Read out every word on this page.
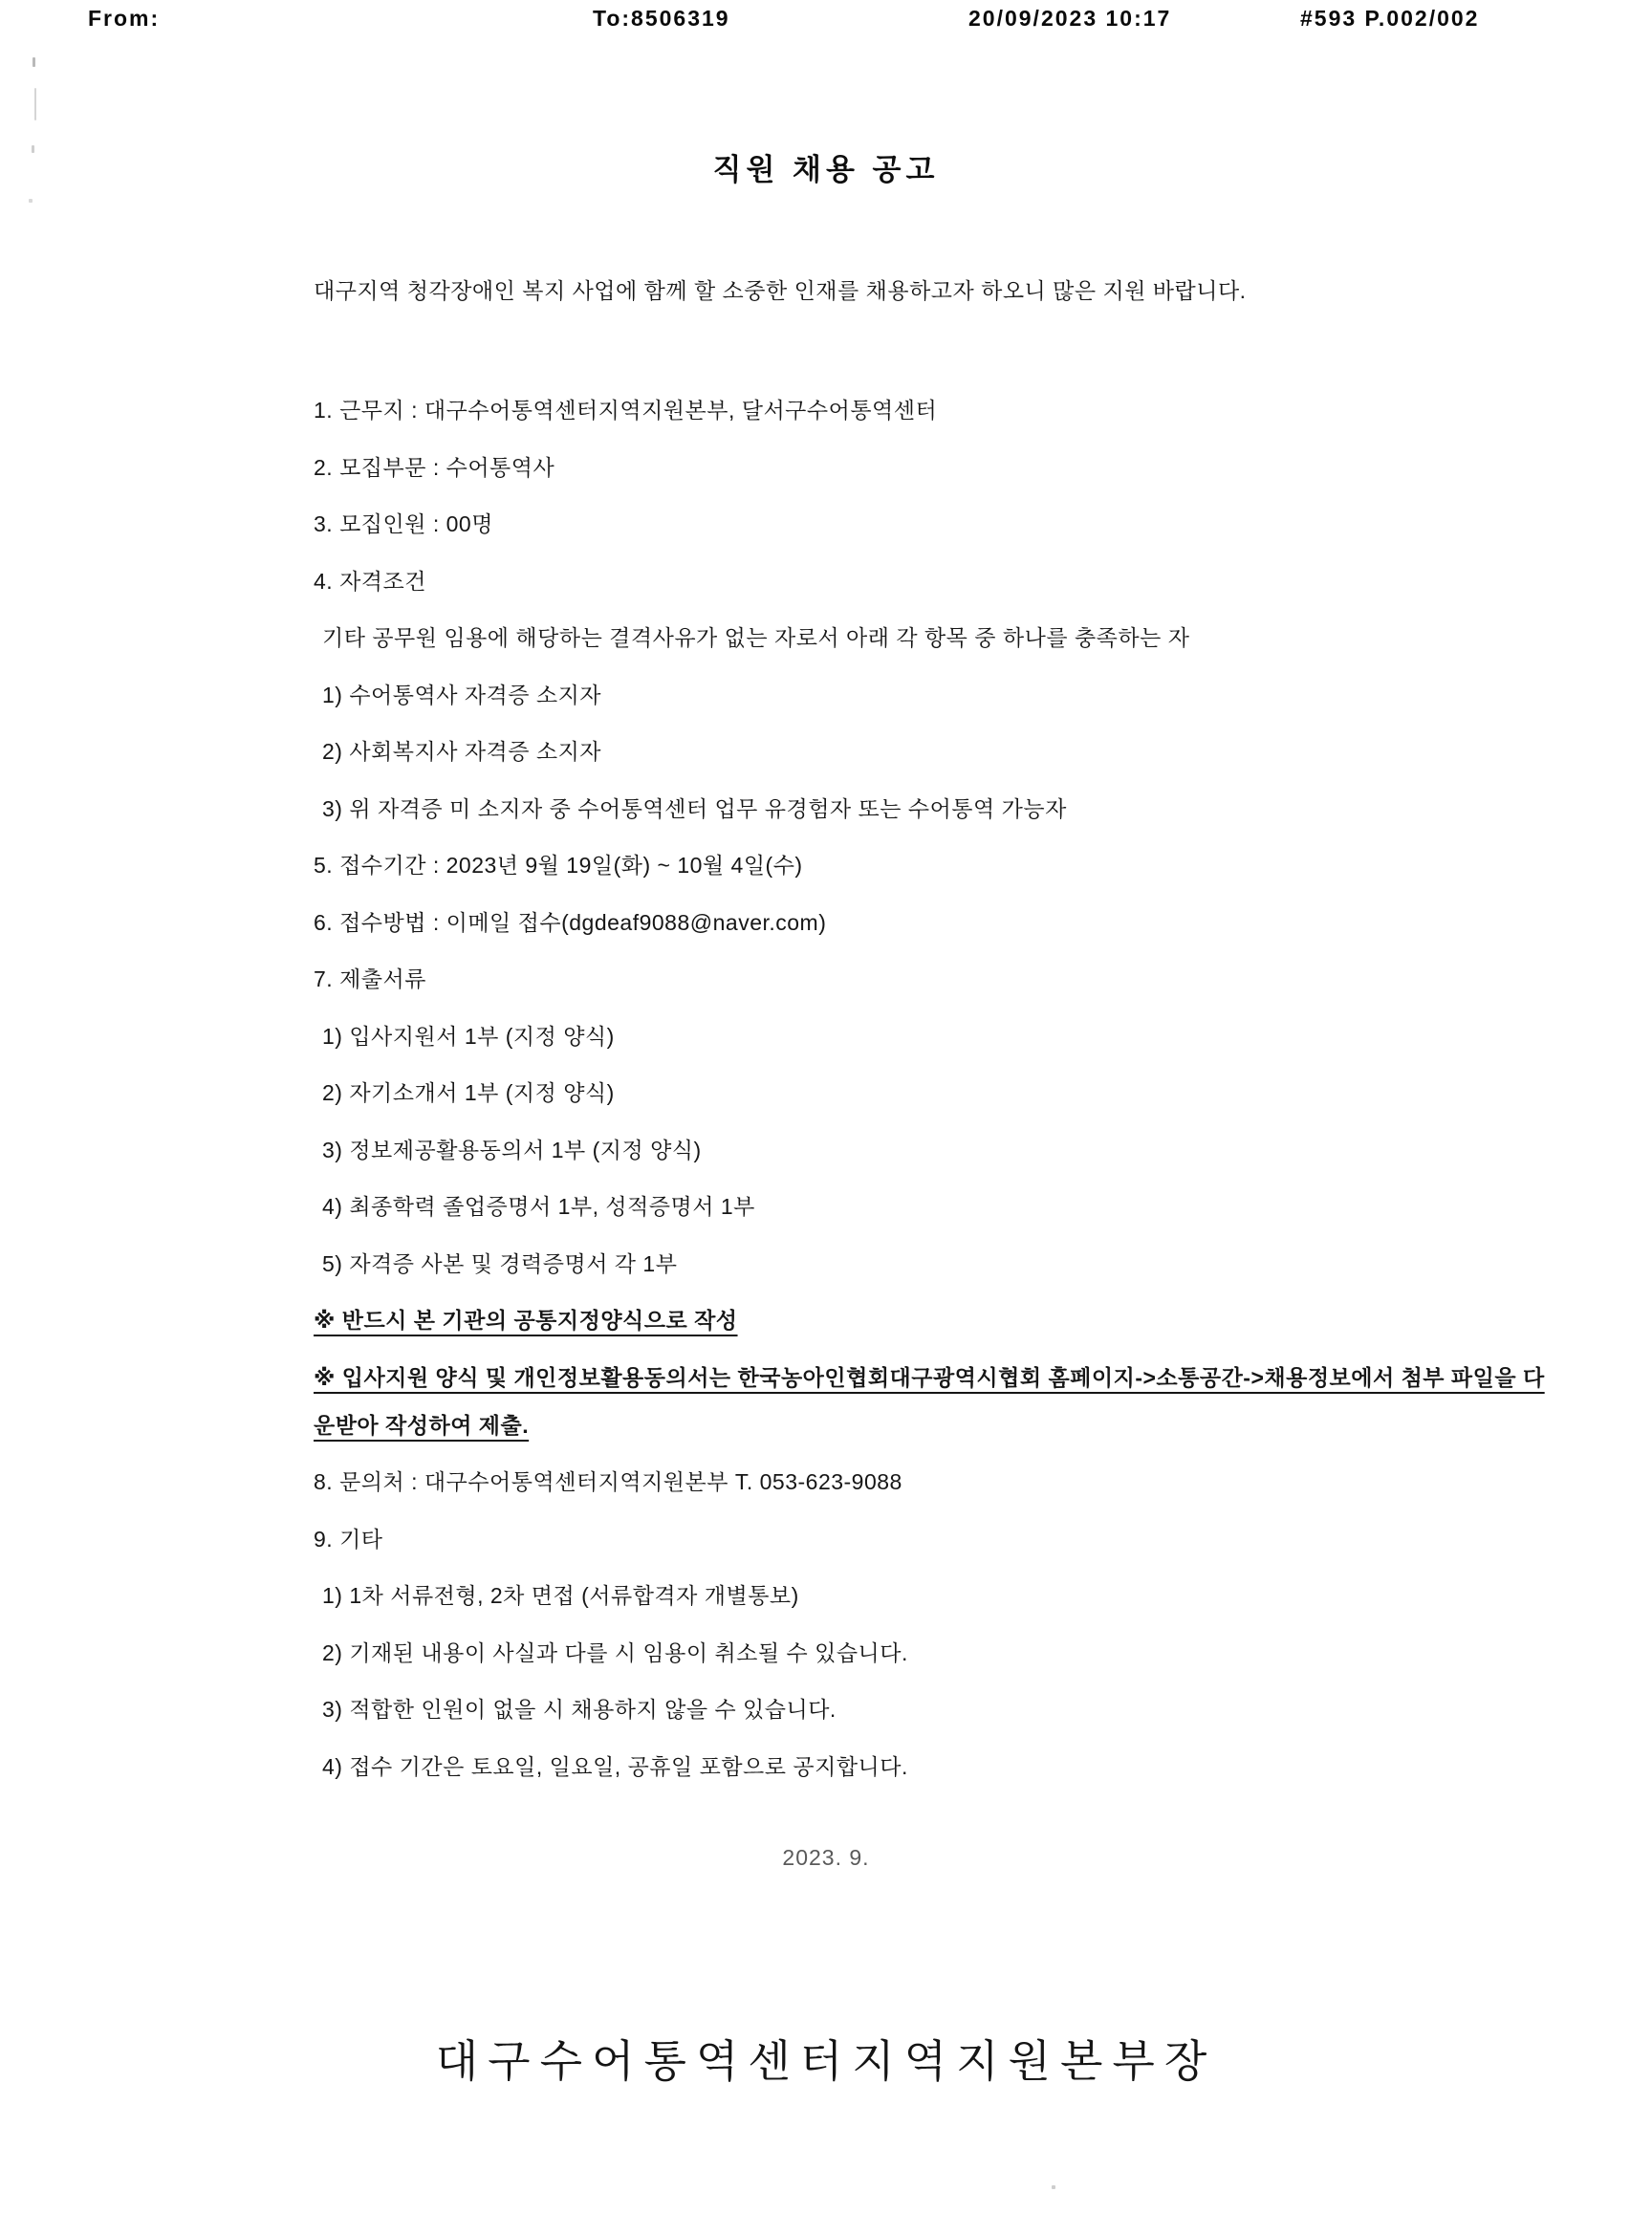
From:	To:8506319	20/09/2023 10:17	#593 P.002/002
직원 채용 공고
대구지역 청각장애인 복지 사업에 함께 할 소중한 인재를 채용하고자 하오니 많은 지원 바랍니다.
1. 근무지 : 대구수어통역센터지역지원본부, 달서구수어통역센터
2. 모집부문 : 수어통역사
3. 모집인원 : 00명
4. 자격조건
기타 공무원 임용에 해당하는 결격사유가 없는 자로서 아래 각 항목 중 하나를 충족하는 자
1) 수어통역사 자격증 소지자
2) 사회복지사 자격증 소지자
3) 위 자격증 미 소지자 중 수어통역센터 업무 유경험자 또는 수어통역 가능자
5. 접수기간 : 2023년 9월 19일(화) ~ 10월 4일(수)
6. 접수방법 : 이메일 접수(dgdeaf9088@naver.com)
7. 제출서류
1) 입사지원서 1부 (지정 양식)
2) 자기소개서 1부 (지정 양식)
3) 정보제공활용동의서 1부 (지정 양식)
4) 최종학력 졸업증명서 1부, 성적증명서 1부
5) 자격증 사본 및 경력증명서 각 1부
※ 반드시 본 기관의 공통지정양식으로 작성
※ 입사지원 양식 및 개인정보활용동의서는 한국농아인협회대구광역시협회 홈페이지->소통공간->채용정보에서 첨부 파일을 다운받아 작성하여 제출.
8. 문의처 : 대구수어통역센터지역지원본부 T. 053-623-9088
9. 기타
1) 1차 서류전형, 2차 면접 (서류합격자 개별통보)
2) 기재된 내용이 사실과 다를 시 임용이 취소될 수 있습니다.
3) 적합한 인원이 없을 시 채용하지 않을 수 있습니다.
4) 접수 기간은 토요일, 일요일, 공휴일 포함으로 공지합니다.
2023. 9.
대구수어통역센터지역지원본부장
